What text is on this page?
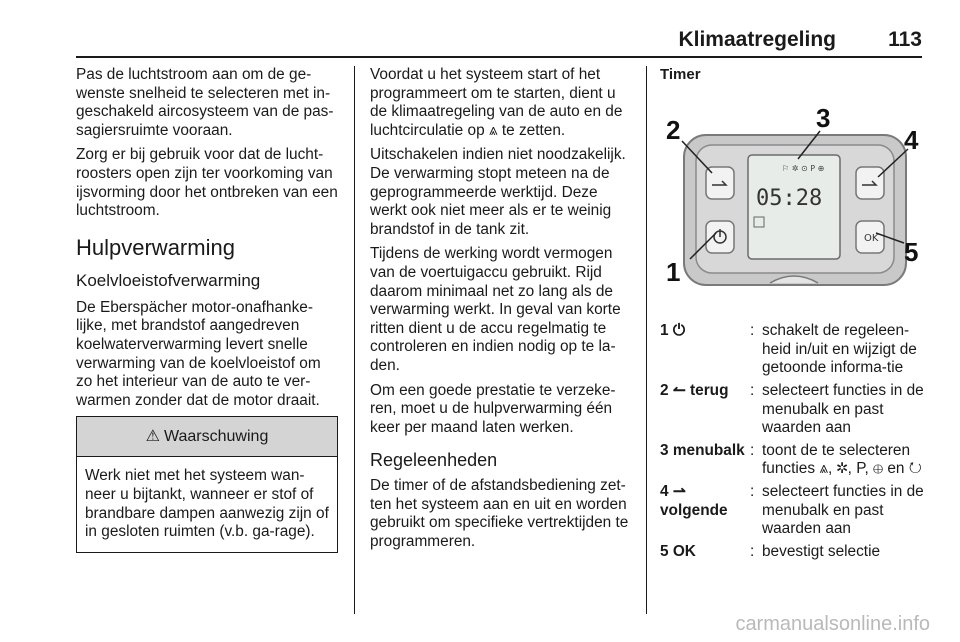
Klimaatregeling 113

Pas de luchtstroom aan om de ge-wenste snelheid te selecteren met in-geschakeld aircosysteem van de pas-sagiersruimte vooraan.

Zorg er bij gebruik voor dat de lucht-roosters open zijn ter voorkoming van ijsvorming door het ontbreken van een luchtstroom.

Hulpverwarming
Koelvloeistofverwarming

De Eberspächer motor-onafhanke-lijke, met brandstof aangedreven koelwaterverwarming levert snelle verwarming van de koelvloeistof om zo het interieur van de auto te ver-warmen zonder dat de motor draait.

⚠ Waarschuwing
Werk niet met het systeem wan-neer u bijtankt, wanneer er stof of brandbare dampen aanwezig zijn of in gesloten ruimten (v.b. ga-rage).

Voordat u het systeem start of het programmeert om te starten, dient u de klimaatregeling van de auto en de luchtcirculatie op ⩓ te zetten.

Uitschakelen indien niet noodzakelijk. De verwarming stopt meteen na de geprogrammeerde werktijd. Deze werkt ook niet meer als er te weinig brandstof in de tank zit.

Tijdens de werking wordt vermogen van de voertuigaccu gebruikt. Rijd daarom minimaal net zo lang als de verwarming werkt. In geval van korte ritten dient u de accu regelmatig te controleren en indien nodig op te la-den.

Om een goede prestatie te verzeke-ren, moet u de hulpverwarming één keer per maand laten werken.

Regeleenheden

De timer of de afstandsbediening zet-ten het systeem aan en uit en worden gebruikt om specifieke vertrektijden te programmeren.

Timer
⚐ ✲ ⊙ P ⊕
05:28
OK
2	3
4
5
1
1 ⏻	:	schakelt de regeleen-heid in/uit en wijzigt de getoonde informa-tie
2 ↼ terug	:	selecteert functies in de menubalk en past waarden aan
3 menubalk	:	toont de te selecteren functies ⩓, ✲, P, ⊕ en ↻
4 ⇀ volgende	:	selecteert functies in de menubalk en past waarden aan
5 OK	:	bevestigt selectie
carmanualsonline.info
